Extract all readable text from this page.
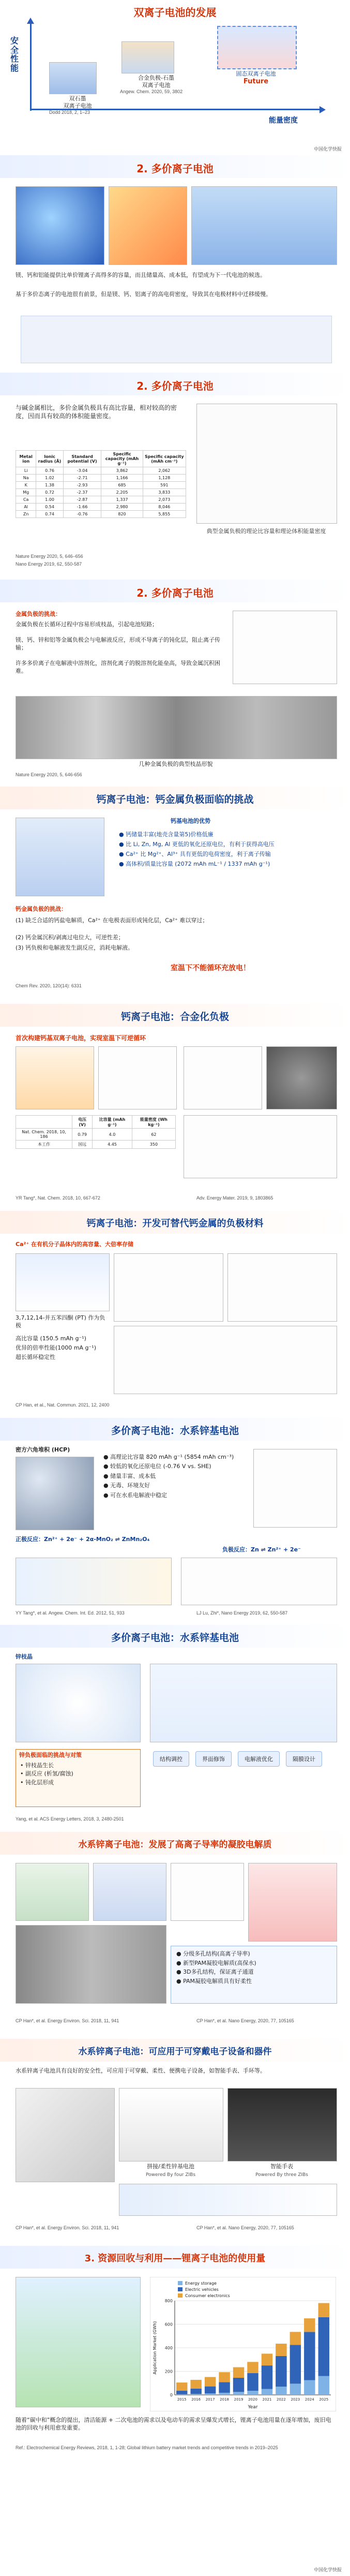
双离子电池的发展
安全性能
能量密度
双石墨
双离子电池
Dodd 2018, 2, 1–23
合金负极-石墨
双离子电池
Angew. Chem. 2020, 59, 3802
固态双离子电池
Future
中国化学快报
2. 多价离子电池
镁、钙和铝能提供比单价锂离子高得多的容量，而且储量高、成本低，有望成为下一代电池的候选。
基于多价态离子的电池很有前景，但是镁、钙、铝离子的高电荷密度，导致其在电极材料中迁移缓慢。
2. 多价离子电池
与碱金属相比，多价金属负极具有高比容量，相对较高的密度，因而具有较高的体积能量密度。
Metal ion	Ionic radius (Å)	Standard potential (V)	Specific capacity (mAh g⁻¹)	Specific capacity (mAh cm⁻³)
Li	0.76	-3.04	3,862	2,062
Na	1.02	-2.71	1,166	1,128
K	1.38	-2.93	685	591
Mg	0.72	-2.37	2,205	3,833
Ca	1.00	-2.87	1,337	2,073
Al	0.54	-1.66	2,980	8,046
Zn	0.74	-0.76	820	5,855
典型金属负极的理论比容量和理论体积能量密度
Nature Energy 2020, 5, 646–656
Nano Energy 2019, 62, 550-587
2. 多价离子电池
金属负极的挑战：
金属负极在长循环过程中容易形成枝晶，引起电池短路；
镁、钙、锌和铝等金属负极会与电解液反应，形成不导离子的钝化层，阻止离子传输；
许多多价离子在电解液中溶剂化，溶剂化离子的脱溶剂化能垒高，导致金属沉积困难。
几种金属负极的典型枝晶形貌
Nature Energy 2020, 5, 646-656
钙离子电池：钙金属负极面临的挑战
钙基电池的优势
● 钙储量丰富(地壳含量第5)价格低廉
● 比 Li, Zn, Mg, Al 更低的氧化还原电位，有利于获得高电压
● Ca²⁺ 比 Mg²⁺、Al³⁺ 具有更低的电荷密度，利于离子传输
● 高体积/质量比容量 (2072 mAh mL⁻¹ / 1337 mAh g⁻¹)
钙金属负极的挑战：
(1) 缺乏合适的钙盐电解质，Ca²⁺ 在电极表面形成钝化层，Ca²⁺ 难以穿过；
(2) 钙金属沉积/剥离过电位大，可逆性差；
(3) 钙负极和电解液发生副反应，消耗电解液。
室温下不能循环充放电！
Chem Rev. 2020, 120(14): 6331
钙离子电池：合金化负极
首次构建钙基双离子电池，实现室温下可逆循环
	电压 (V)	比容量 (mAh g⁻¹)	能量密度 (Wh kg⁻¹)
Nat. Chem. 2018, 10, 186	0.79	4.0	62
本工作	国远	4.45	350
YR Tang*, Nat. Chem. 2018, 10, 667-672	Adv. Energy Mater. 2019, 9, 1803865
钙离子电池：开发可替代钙金属的负极材料
Ca²⁺ 在有机分子晶体内的高容量、大倍率存储
3,7,12,14-并五苯四酮 (PT) 作为负极
高比容量 (150.5 mAh g⁻¹)
优异的倍率性能(1000 mA g⁻¹)
超长循环稳定性
CP Han, et al., Nat. Commun. 2021, 12, 2400
多价离子电池：水系锌基电池
密方六角堆积 (HCP)
● 高理论比容量 820 mAh g⁻¹ (5854 mAh cm⁻³)
● 较低的氧化还原电位 (-0.76 V vs. SHE)
● 储量丰富、成本低
● 无毒、环境友好
● 可在水系电解液中稳定
正极反应：Zn²⁺ + 2e⁻ + 2α-MnO₂ ⇌ ZnMn₂O₄
负极反应：Zn ⇌ Zn²⁺ + 2e⁻
YY Tang*, et al. Angew. Chem. Int. Ed. 2012, 51, 933	LJ Lu, Zhi*, Nano Energy 2019, 62, 550-587
多价离子电池：水系锌基电池
锌枝晶
锌负极面临的挑战与对策
• 锌枝晶生长
• 副反应 (析氢/腐蚀)
• 钝化层形成
结构调控	界面修饰	电解液优化	隔膜设计
Yang, et al. ACS Energy Letters, 2018, 3, 2480-2501
水系锌离子电池：发展了高离子导率的凝胶电解质
● 分级多孔结构(高离子导率)
● 新型PAM凝胶电解质(高保水)
● 3D多孔结构，保证离子通道
● PAM凝胶电解质具有好柔性
CP Han*, et al. Energy Environ. Sci. 2018, 11, 941	CP Han*, et al. Nano Energy, 2020, 77, 105165
水系锌离子电池：可应用于可穿戴电子设备和器件
水系锌离子电池具有良好的安全性，可应用于可穿戴、柔性、便携电子设备，如智能手表、手环等。
拼接/柔性锌基电池	智能手表
Powered By four ZIBs	Powered By three ZIBs
CP Han*, et al. Energy Environ. Sci. 2018, 11, 941	CP Han*, et al. Nano Energy, 2020, 77, 105165
3. 资源回收与利用——锂离子电池的使用量
0
200
400
600
800
2015 2016 2017 2018 2019 2020 2021 2022 2023 2024 2025
Year
Application Market (GWh)
Energy storage
Electric vehicles
Consumer electronics
随着“碳中和”概念的提出，清洁能源 + 二次电池的需求以及电动车的需求呈爆发式增长，锂离子电池用量在逐年增加，废旧电池的回收与利用愈发重要。
Ref.: Electrochemical Energy Reviews, 2018, 1, 1-28; Global lithium battery market trends and competitive trends in 2019–2025
中国化学快报
